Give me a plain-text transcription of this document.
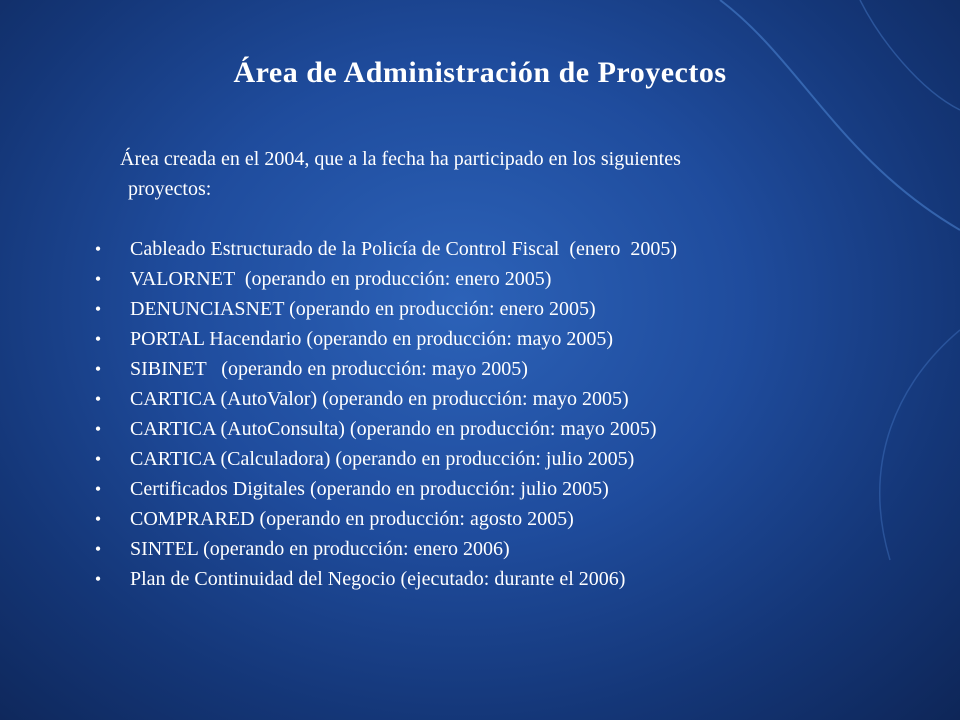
Área de Administración de Proyectos

Área creada en el 2004, que a la fecha ha participado en los siguientes
proyectos:

• Cableado Estructurado de la Policía de Control Fiscal  (enero  2005)
• VALORNET  (operando en producción: enero 2005)
• DENUNCIASNET (operando en producción: enero 2005)
• PORTAL Hacendario (operando en producción: mayo 2005)
• SIBINET   (operando en producción: mayo 2005)
• CARTICA (AutoValor) (operando en producción: mayo 2005)
• CARTICA (AutoConsulta) (operando en producción: mayo 2005)
• CARTICA (Calculadora) (operando en producción: julio 2005)
• Certificados Digitales (operando en producción: julio 2005)
• COMPRARED (operando en producción: agosto 2005)
• SINTEL (operando en producción: enero 2006)
• Plan de Continuidad del Negocio (ejecutado: durante el 2006)
